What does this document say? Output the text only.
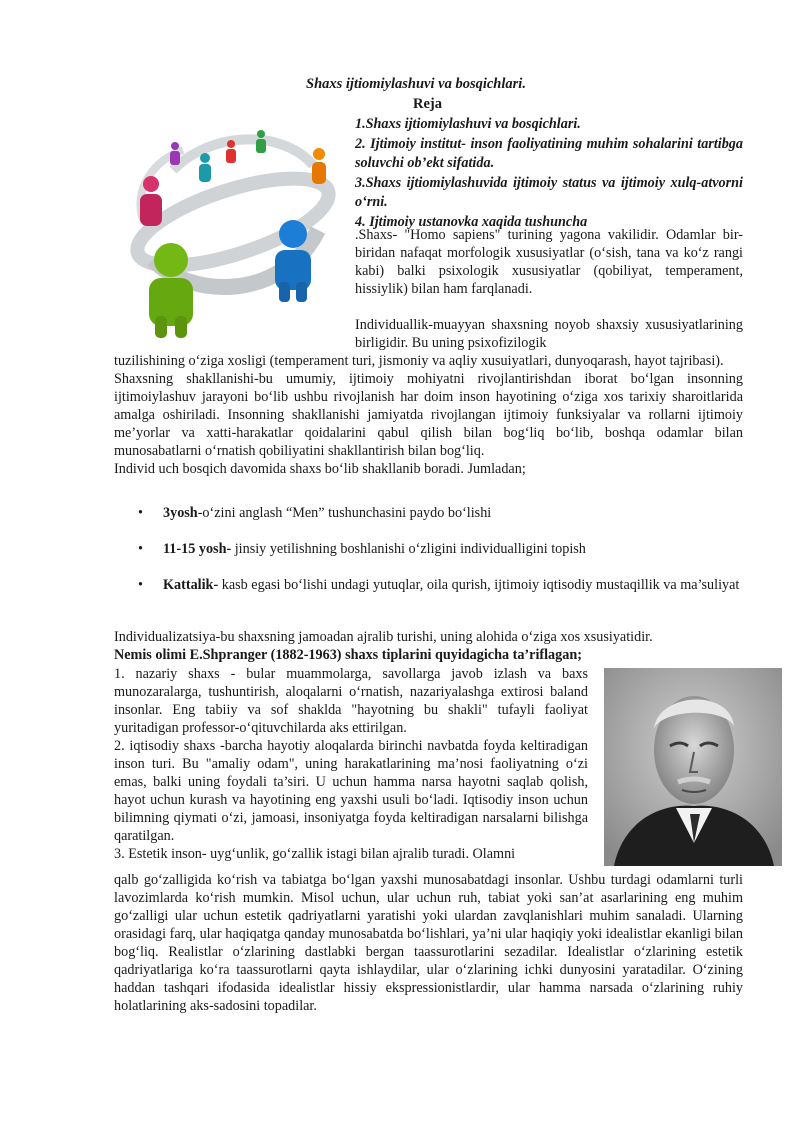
Shaxs ijtiomiylashuvi va bosqichlari.
Reja
1.Shaxs ijtiomiylashuvi va bosqichlari.
2. Ijtimoiy institut- inson faoliyatining muhim sohalarini tartibga soluvchi ob’ekt sifatida.
3.Shaxs ijtiomiylashuvida ijtimoiy status va ijtimoiy xulq-atvorni o‘rni.
4. Ijtimoiy ustanovka xaqida tushuncha

.Shaxs- "Homo sapiens" turining yagona vakilidir. Odamlar bir-biridan nafaqat morfologik xususiyatlar (o‘sish, tana va ko‘z rangi kabi) balki psixologik xususiyatlar (qobiliyat, temperament, hissiylik) bilan ham farqlanadi.

Individuallik-muayyan shaxsning noyob shaxsiy xususiyatlarining birligidir. Bu uning psixofizilogik

tuzilishining o‘ziga xosligi (temperament turi, jismoniy va aqliy xusuiyatlari, dunyoqarash, hayot tajribasi).

Shaxsning shakllanishi-bu umumiy, ijtimoiy mohiyatni rivojlantirishdan iborat bo‘lgan insonning ijtimoiylashuv jarayoni bo‘lib ushbu rivojlanish har doim inson hayotining o‘ziga xos tarixiy sharoitlarida amalga oshiriladi. Insonning shakllanishi jamiyatda rivojlangan ijtimoiy funksiyalar va rollarni ijtimoiy me’yorlar va xatti-harakatlar qoidalarini qabul qilish bilan bog‘liq bo‘lib, boshqa odamlar bilan munosabatlarni o‘rnatish qobiliyatini shakllantirish bilan bog‘liq.

Individ uch bosqich davomida shaxs bo‘lib shakllanib boradi. Jumladan;

• 3yosh-o‘zini anglash “Men” tushunchasini paydo bo‘lishi
• 11-15 yosh- jinsiy yetilishning boshlanishi o‘zligini individualligini topish
• Kattalik- kasb egasi bo‘lishi undagi yutuqlar, oila qurish, ijtimoiy iqtisodiy mustaqillik va ma’suliyat
Individualizatsiya-bu shaxsning jamoadan ajralib turishi, uning alohida o‘ziga xos xsusiyatidir.
Nemis olimi E.Shpranger (1882-1963) shaxs tiplarini quyidagicha ta’riflagan;

1. nazariy shaxs - bular muammolarga, savollarga javob izlash va baxs munozaralarga, tushuntirish, aloqalarni o‘rnatish, nazariyalashga extirosi baland insonlar. Eng tabiiy va sof shaklda "hayotning bu shakli" tufayli faoliyat yuritadigan professor-o‘qituvchilarda aks ettirilgan.

2. iqtisodiy shaxs -barcha hayotiy aloqalarda birinchi navbatda foyda keltiradigan inson turi. Bu "amaliy odam", uning harakatlarining ma’nosi faoliyatning o‘zi emas, balki uning foydali ta’siri. U uchun hamma narsa hayotni saqlab qolish, hayot uchun kurash va hayotining eng yaxshi usuli bo‘ladi. Iqtisodiy inson uchun bilimning qiymati o‘zi, jamoasi, insoniyatga foyda keltiradigan narsalarni bilishga qaratilgan.

3. Estetik inson- uyg‘unlik, go‘zallik istagi bilan ajralib turadi. Olamni

qalb go‘zalligida ko‘rish va tabiatga bo‘lgan yaxshi munosabatdagi insonlar. Ushbu turdagi odamlarni turli lavozimlarda ko‘rish mumkin. Misol uchun, ular uchun ruh, tabiat yoki san’at asarlarining eng muhim go‘zalligi ular uchun estetik qadriyatlarni yaratishi yoki ulardan zavqlanishlari muhim sanaladi. Ularning orasidagi farq, ular haqiqatga qanday munosabatda bo‘lishlari, ya’ni ular haqiqiy yoki idealistlar ekanligi bilan bog‘liq. Realistlar o‘zlarining dastlabki bergan taassurotlarini sezadilar. Idealistlar o‘zlarining estetik qadriyatlariga ko‘ra taassurotlarni qayta ishlaydilar, ular o‘zlarining ichki dunyosini yaratadilar. O‘zining haddan tashqari ifodasida idealistlar hissiy ekspressionistlardir, ular hamma narsada o‘zlarining ruhiy holatlarining aks-sadosini topadilar.
